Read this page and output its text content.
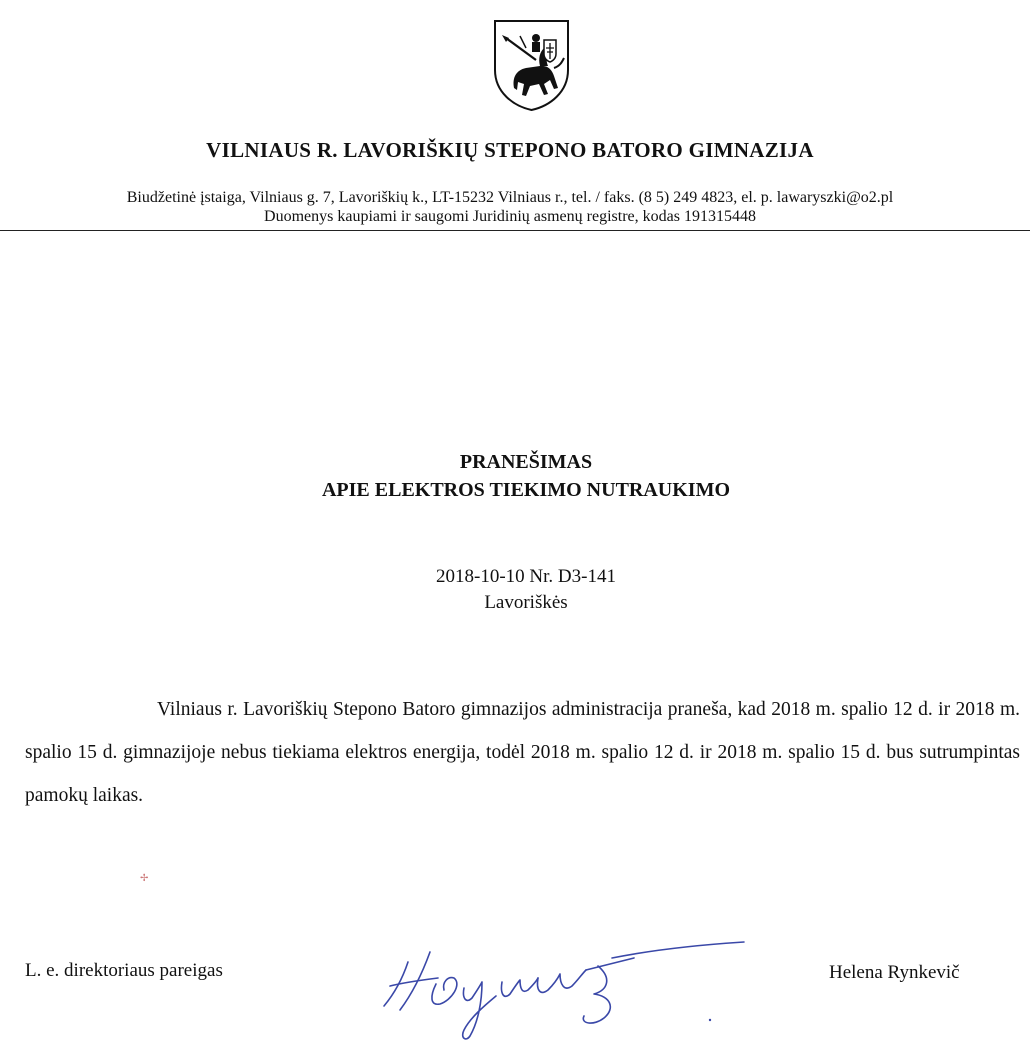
VILNIAUS R. LAVORIŠKIŲ STEPONO BATORO GIMNAZIJA
Biudžetinė įstaiga, Vilniaus g. 7, Lavoriškių k., LT-15232 Vilniaus r., tel. / faks. (8 5) 249 4823, el. p. lawaryszki@o2.pl
Duomenys kaupiami ir saugomi Juridinių asmenų registre, kodas 191315448
PRANEŠIMAS
APIE ELEKTROS TIEKIMO NUTRAUKIMO
2018-10-10 Nr. D3-141
Lavoriškės
Vilniaus r. Lavoriškių Stepono Batoro gimnazijos administracija praneša, kad 2018 m. spalio 12 d. ir 2018 m. spalio 15 d. gimnazijoje nebus tiekiama elektros energija, todėl 2018 m. spalio 12 d. ir 2018 m. spalio 15 d. bus sutrumpintas pamokų laikas.
L. e. direktoriaus pareigas	Helena Rynkevič
✢
